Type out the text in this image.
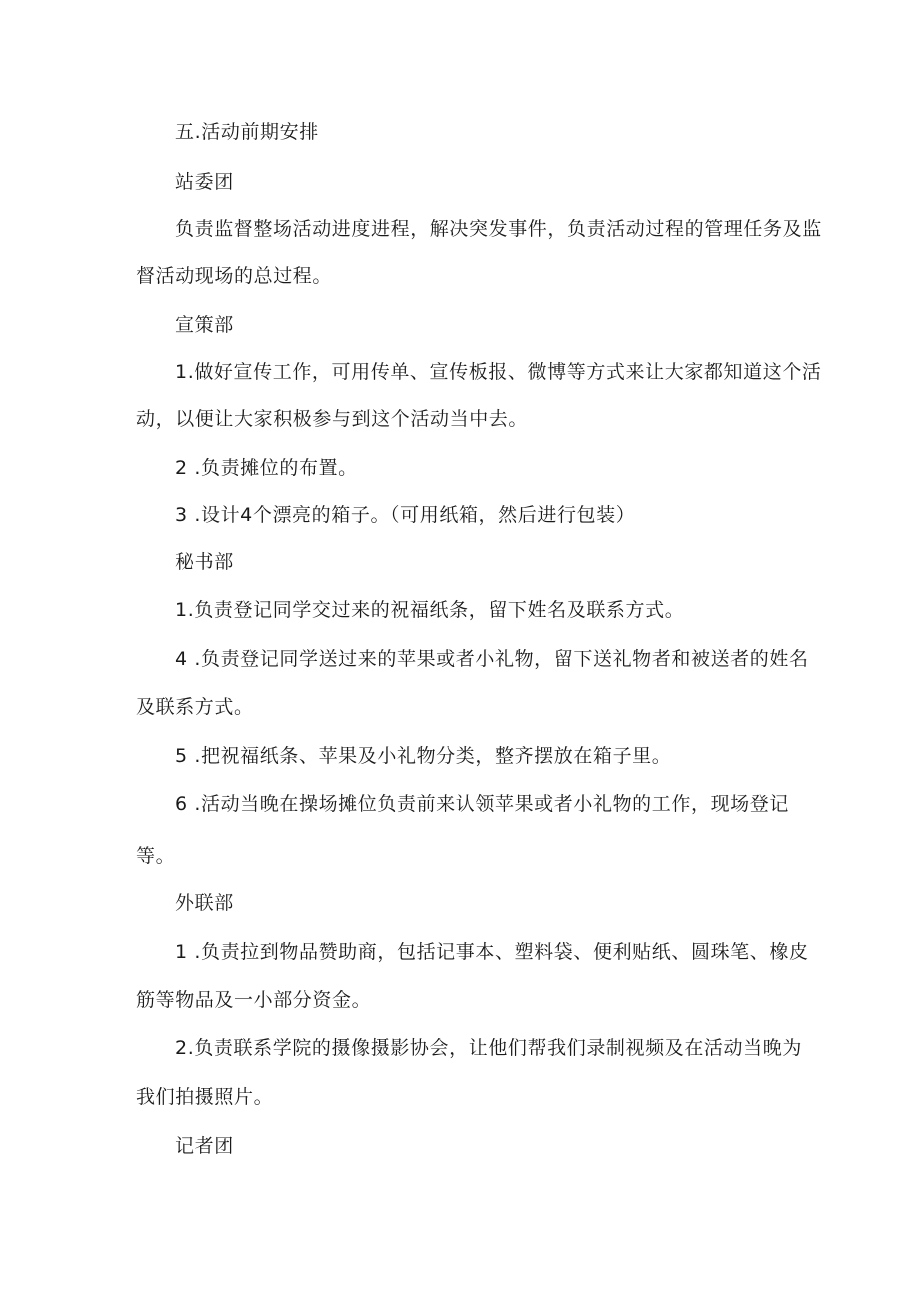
五.活动前期安排
站委团
负责监督整场活动进度进程，解决突发事件，负责活动过程的管理任务及监
督活动现场的总过程。
宣策部
1.做好宣传工作，可用传单、宣传板报、微博等方式来让大家都知道这个活
动，以便让大家积极参与到这个活动当中去。
2 .负责摊位的布置。
3 .设计4个漂亮的箱子。（可用纸箱，然后进行包装）
秘书部
1.负责登记同学交过来的祝福纸条，留下姓名及联系方式。
4 .负责登记同学送过来的苹果或者小礼物，留下送礼物者和被送者的姓名
及联系方式。
5 .把祝福纸条、苹果及小礼物分类，整齐摆放在箱子里。
6 .活动当晚在操场摊位负责前来认领苹果或者小礼物的工作，现场登记
等。
外联部
1 .负责拉到物品赞助商，包括记事本、塑料袋、便利贴纸、圆珠笔、橡皮
筋等物品及一小部分资金。
2.负责联系学院的摄像摄影协会，让他们帮我们录制视频及在活动当晚为
我们拍摄照片。
记者团
